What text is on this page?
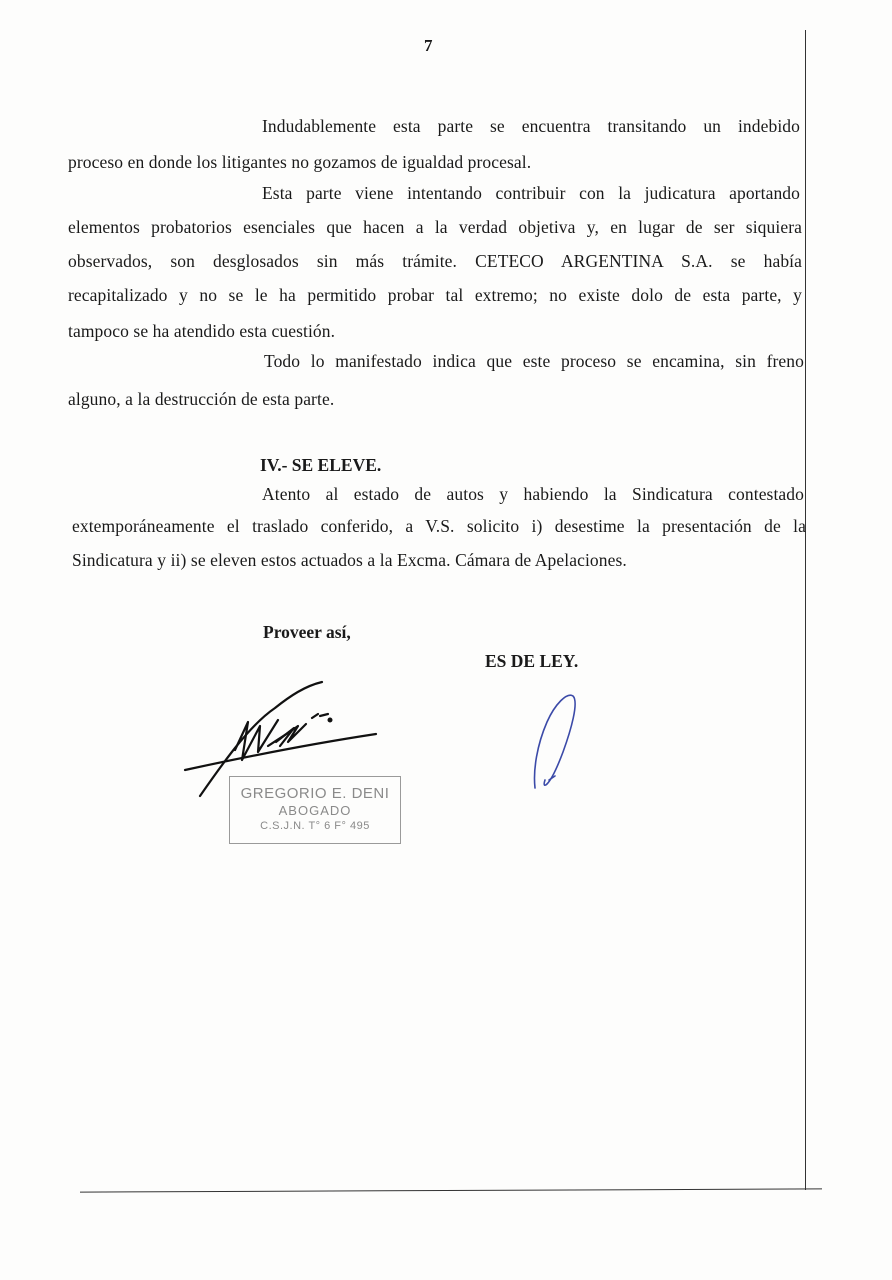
7
Indudablemente esta parte se encuentra transitando un indebido
proceso en donde los litigantes no gozamos de igualdad procesal.
Esta parte viene intentando contribuir con la judicatura aportando
elementos probatorios esenciales que hacen a la verdad objetiva y, en lugar de ser siquiera
observados, son desglosados sin más trámite. CETECO ARGENTINA S.A. se había
recapitalizado y no se le ha permitido probar tal extremo; no existe dolo de esta parte, y
tampoco se ha atendido esta cuestión.
Todo lo manifestado indica que este proceso se encamina, sin freno
alguno, a la destrucción de esta parte.
IV.- SE ELEVE.
Atento al estado de autos y habiendo la Sindicatura contestado
extemporáneamente el traslado conferido, a V.S. solicito i) desestime la presentación de la
Sindicatura y ii) se eleven estos actuados a la Excma. Cámara de Apelaciones.
Proveer así,
ES DE LEY.
GREGORIO E. DENI
ABOGADO
C.S.J.N. T° 6 F° 495
